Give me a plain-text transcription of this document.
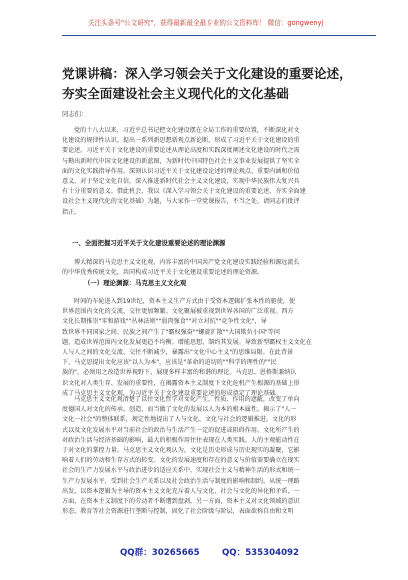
关注头条号"公文研究"，获得最新最全最专业的公文资料库！ 微信：gongwenyj
党课讲稿：深入学习领会关于文化建设的重要论述，
夯实全面建设社会主义现代化的文化基础
同志们：
党的十八大以来，习近平总书记把文化建设摆在全局工作的重要位置，不断深化对文
化建设的规律性认识，提出一系列新思想新观点新论断，形成了习近平关于文化建设的重
要论述。习近平关于文化建设的重要论述从理论高度和实践深度阐述文化建设的时代之需
与勘出新时代中国文化建设的新蓝图，为新时代中国特色社会主义事业发展提供了坚实全
面的文化实践指导作用。深刻认识习近平关于文化建设论述的理论观点、重要内涵和价值
意义，对于坚定文化自信，深入推进新时代社会主义文化建设，实现中华民族伟大复兴具
有十分重要的意义。借此机会，我以《深入学习领会关于文化建设的重要论述，夯实全面建
设社会主义现代化的文化基础》为题，与大家作一堂党课报告，不当之处，请同志们批评
指正。
一、全面把握习近平关于文化建设重要论述的理论渊源
博大精深的马克思主义文化观、内容丰富的中国共产党文化建设实践经验和源远流长
的中华优秀传统文化，共同构成习近平关于文化建设重要论述的理论资源。
（一）理论渊源：马克思主义文化观
时间的车轮进入到19世纪，资本主义生产方式由于受资本逻辑扩张本性的驱使，使
世界范围内文化的交流、交往更加频繁。文化聚展被重视到世界各国的广泛重视。西方
文化长期推崇"零和游戏""丛林法则""弱肉强食""对立对抗""竞争性文化"，导
致世界不同国家之间、民族之间产生了"霸权强奋""螺旋扩散""大国欺负小国"等问
题，造成世界范围内文化发展更趋不均衡。增能思想，制约其发展。导致新型霸权主义文化在
人与人之间的文化交流、交往不断减少，暴露出"文化中心主义"的思维局限。在此背景
下，马克思提出文化应该"以人为本"，应该是"革命的迫切的""科学的理性的""民
族的"，必须用之改造世界视野下，展现多样丰富的和谐的理论。马克思、恩格斯兼纳认
识文化对人类生存、发展的重要性，在揭露资本主义制度下文化危机产生根源的基础上形
成了马克思主义文化观，为习近平关于文化建设重要论述的形成奠定了理论基础。
马克思主义文化观清楚了以往文化哲学对文化产生、性质、作用的遮蔽，改变了单向
度德国人对文化的传承、创造，而当做了文化的发展以人为本的根本属性。揭示了"人一
文化一社会"的整体联系，规定性地提出了人与文化、文化与社会的逻辑推进。文化的形
式以及文化发展水平对当前社会的政治与生活产生一定的促进或阻碍作用。文化所产生的
对政治生活与经济基础的影响，最大的积极作用往往表现在人类实践。人的主观能动性在
于对文化的掌控力量。马克思主义文化观认为，文化是历史形成与历史现实的凝聚，它影
响着人们的劳动和生存方式的转变。文化的发展速度和存在的意义与价值需要确立在现实
社会的生产力发展水平与政治进步的适应关系中，实现社会主义与精神生活的形式和统一
生产力发展水平，受到社会生产关系以及社会政治生活与制度的影响和制约。从统一理路
出发，以资本逻辑为主导的资本主义文化充斥着人与文化、社会与文化的异化和矛盾，一
方面，在资本主义制度下的劳动者不断遭到盘剥，另一方面，资本主义对文化领域的意识
形态、教育等社会资源进行垄断与控制，固化了社会阶级与阶层，表面欲称自由和文明
QQ群：30265665	QQ：535304092
